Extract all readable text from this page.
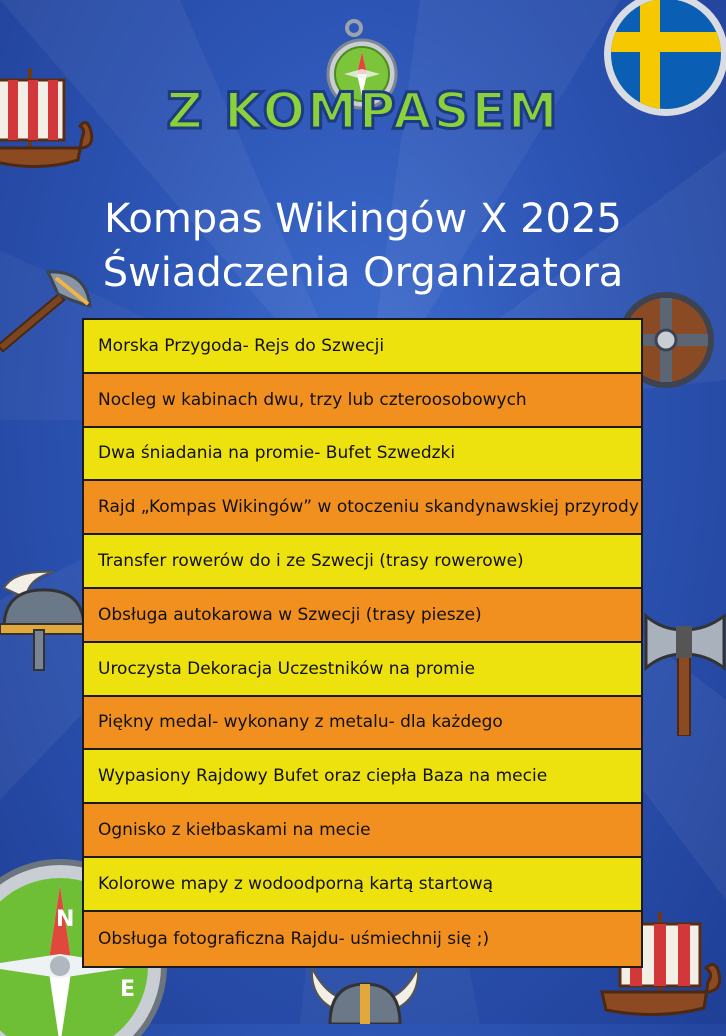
N
E
Z KOMPASEM
Kompas Wikingów X 2025
Świadczenia Organizatora
Morska Przygoda- Rejs do Szwecji
Nocleg w kabinach dwu, trzy lub czteroosobowych
Dwa śniadania na promie- Bufet Szwedzki
Rajd „Kompas Wikingów” w otoczeniu skandynawskiej przyrody
Transfer rowerów do i ze Szwecji (trasy rowerowe)
Obsługa autokarowa w Szwecji (trasy piesze)
Uroczysta Dekoracja Uczestników na promie
Piękny medal- wykonany z metalu- dla każdego
Wypasiony Rajdowy Bufet oraz ciepła Baza na mecie
Ognisko z kiełbaskami na mecie
Kolorowe mapy z wodoodporną kartą startową
Obsługa fotograficzna Rajdu- uśmiechnij się ;)
